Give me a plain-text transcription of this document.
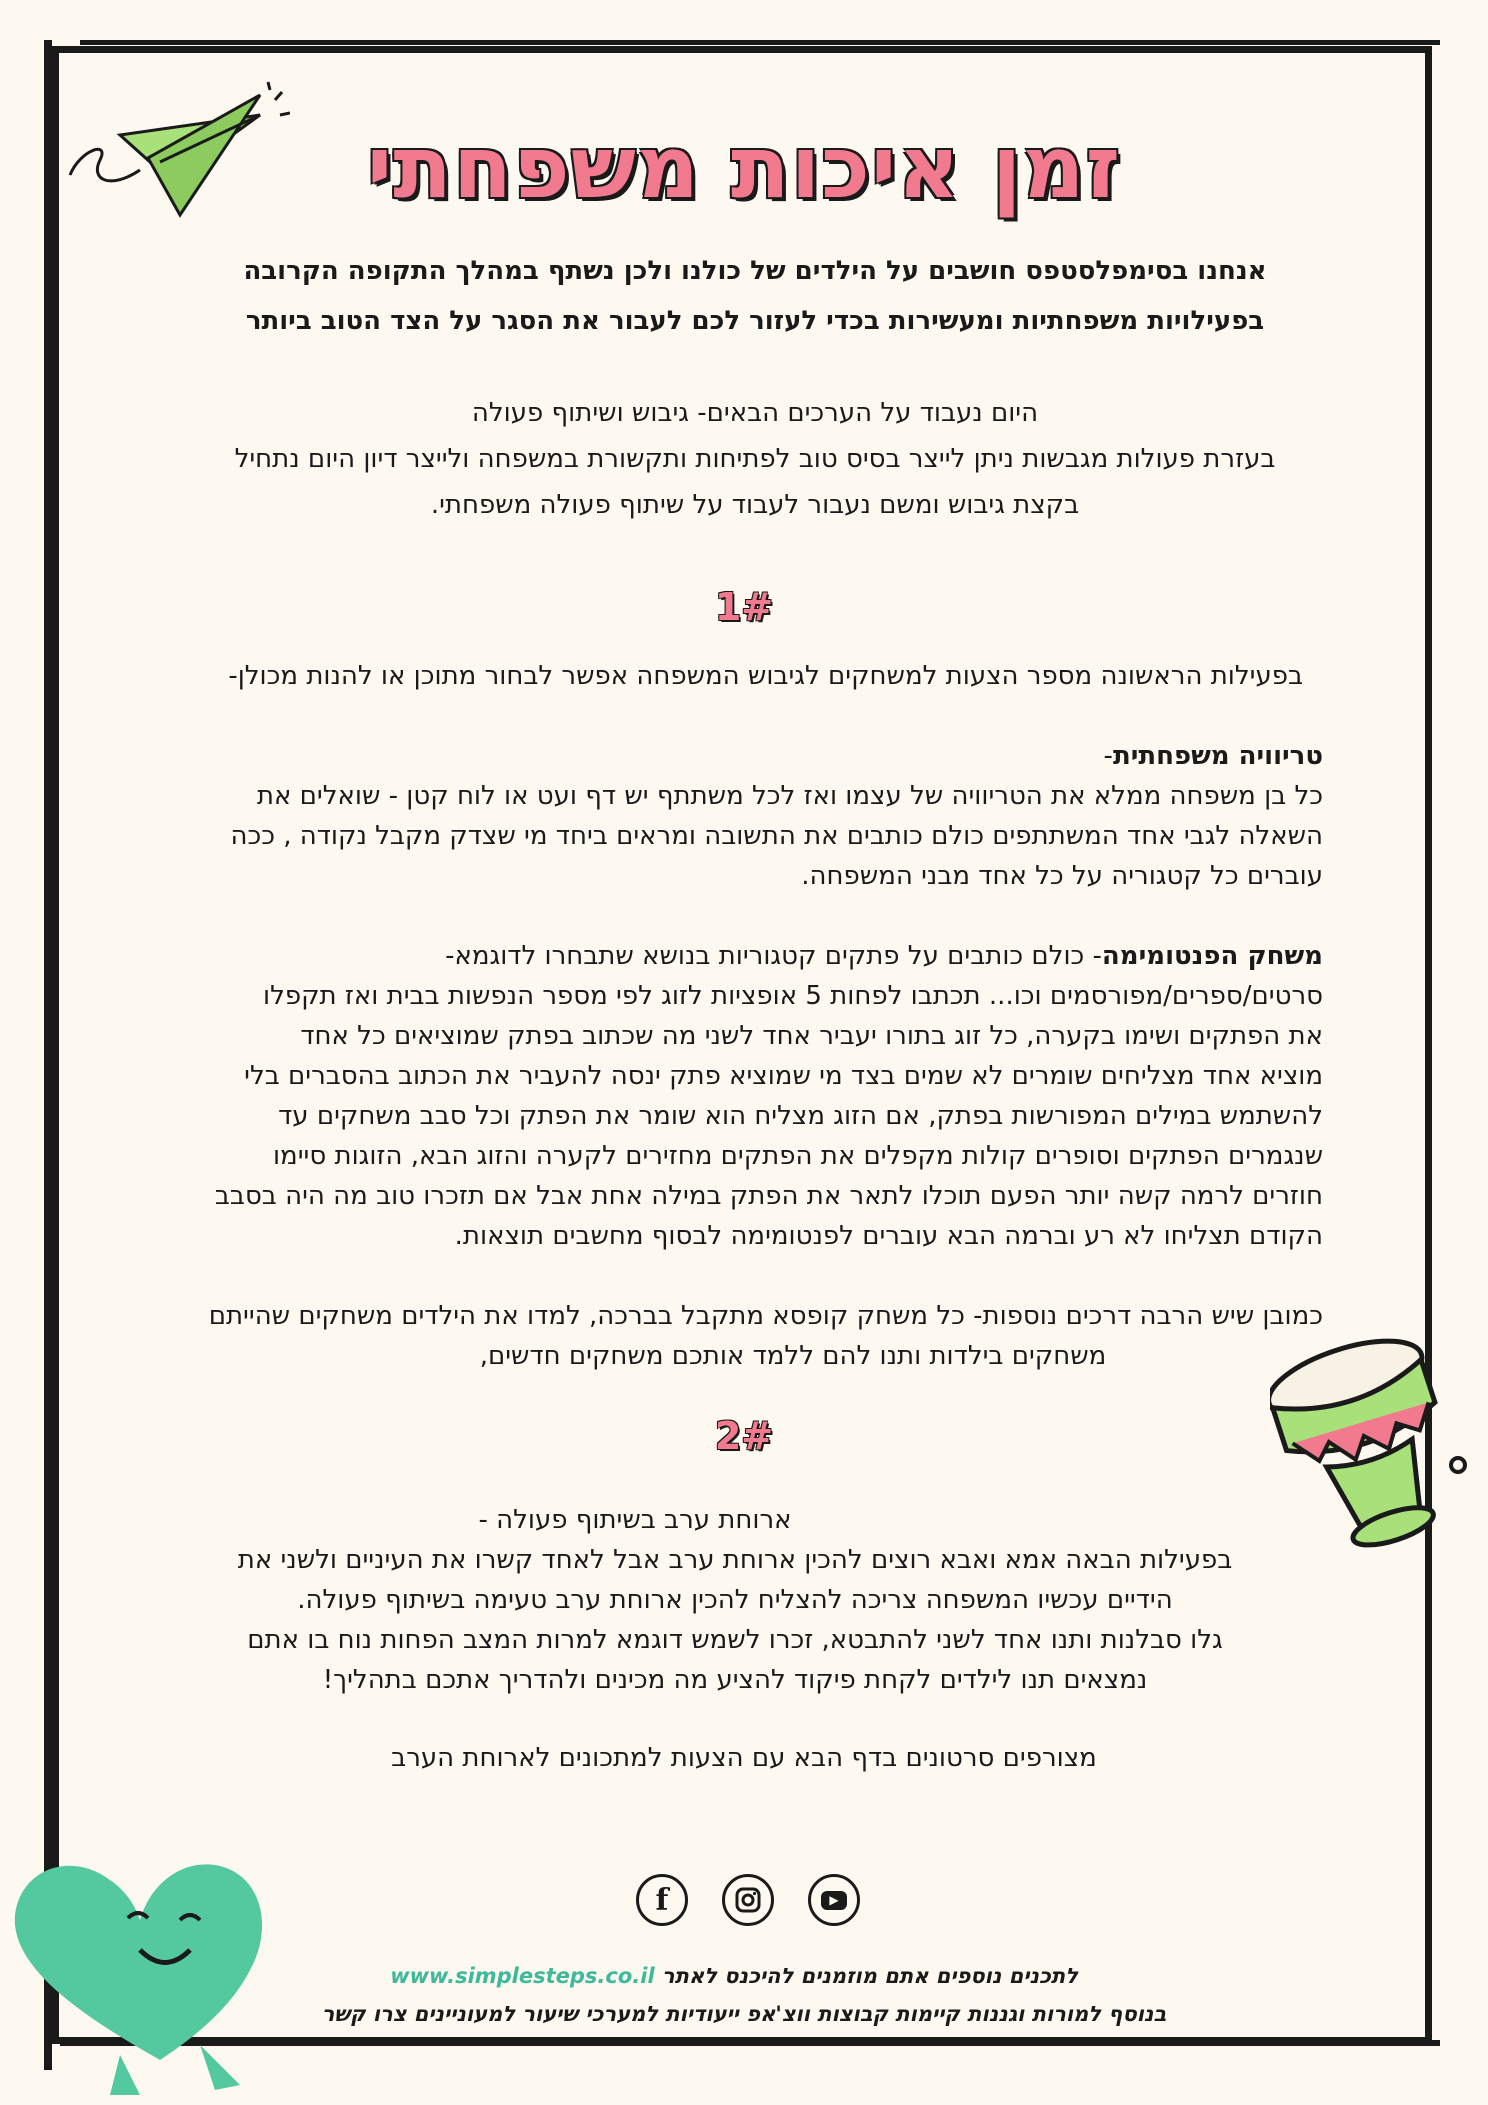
זמן איכות משפחתי
אנחנו בסימפלסטפס חושבים על הילדים של כולנו ולכן נשתף במהלך התקופה הקרובה
בפעילויות משפחתיות ומעשירות בכדי לעזור לכם לעבור את הסגר על הצד הטוב ביותר
היום נעבוד על הערכים הבאים- גיבוש ושיתוף פעולה
בעזרת פעולות מגבשות ניתן לייצר בסיס טוב לפתיחות ותקשורת במשפחה ולייצר דיון היום נתחיל
בקצת גיבוש ומשם נעבור לעבוד על שיתוף פעולה משפחתי.
1#
בפעילות הראשונה מספר הצעות למשחקים לגיבוש המשפחה אפשר לבחור מתוכן או להנות מכולן-
טריוויה משפחתית-
כל בן משפחה ממלא את הטריוויה של עצמו ואז לכל משתתף יש דף ועט או לוח קטן - שואלים את
השאלה לגבי אחד המשתתפים כולם כותבים את התשובה ומראים ביחד מי שצדק מקבל נקודה , ככה
עוברים כל קטגוריה על כל אחד מבני המשפחה.
משחק הפנטומימה- כולם כותבים על פתקים קטגוריות בנושא שתבחרו לדוגמא-
סרטים/ספרים/מפורסמים וכו... תכתבו לפחות 5 אופציות לזוג לפי מספר הנפשות בבית ואז תקפלו
את הפתקים ושימו בקערה, כל זוג בתורו יעביר אחד לשני מה שכתוב בפתק שמוציאים כל אחד
מוציא אחד מצליחים שומרים לא שמים בצד מי שמוציא פתק ינסה להעביר את הכתוב בהסברים בלי
להשתמש במילים המפורשות בפתק, אם הזוג מצליח הוא שומר את הפתק וכל סבב משחקים עד
שנגמרים הפתקים וסופרים קולות מקפלים את הפתקים מחזירים לקערה והזוג הבא, הזוגות סיימו
חוזרים לרמה קשה יותר הפעם תוכלו לתאר את הפתק במילה אחת אבל אם תזכרו טוב מה היה בסבב
הקודם תצליחו לא רע וברמה הבא עוברים לפנטומימה לבסוף מחשבים תוצאות.
כמובן שיש הרבה דרכים נוספות- כל משחק קופסא מתקבל בברכה, למדו את הילדים משחקים שהייתם
משחקים בילדות ותנו להם ללמד אותכם משחקים חדשים,
2#
ארוחת ערב בשיתוף פעולה -
בפעילות הבאה אמא ואבא רוצים להכין ארוחת ערב אבל לאחד קשרו את העיניים ולשני את
הידיים עכשיו המשפחה צריכה להצליח להכין ארוחת ערב טעימה בשיתוף פעולה.
גלו סבלנות ותנו אחד לשני להתבטא, זכרו לשמש דוגמא למרות המצב הפחות נוח בו אתם
נמצאים תנו לילדים לקחת פיקוד להציע מה מכינים ולהדריך אתכם בתהליך!
מצורפים סרטונים בדף הבא עם הצעות למתכונים לארוחת הערב
f	▶
לתכנים נוספים אתם מוזמנים להיכנס לאתר www.simplesteps.co.il
בנוסף למורות וגננות קיימות קבוצות ווצ'אפ ייעודיות למערכי שיעור למעוניינים צרו קשר
